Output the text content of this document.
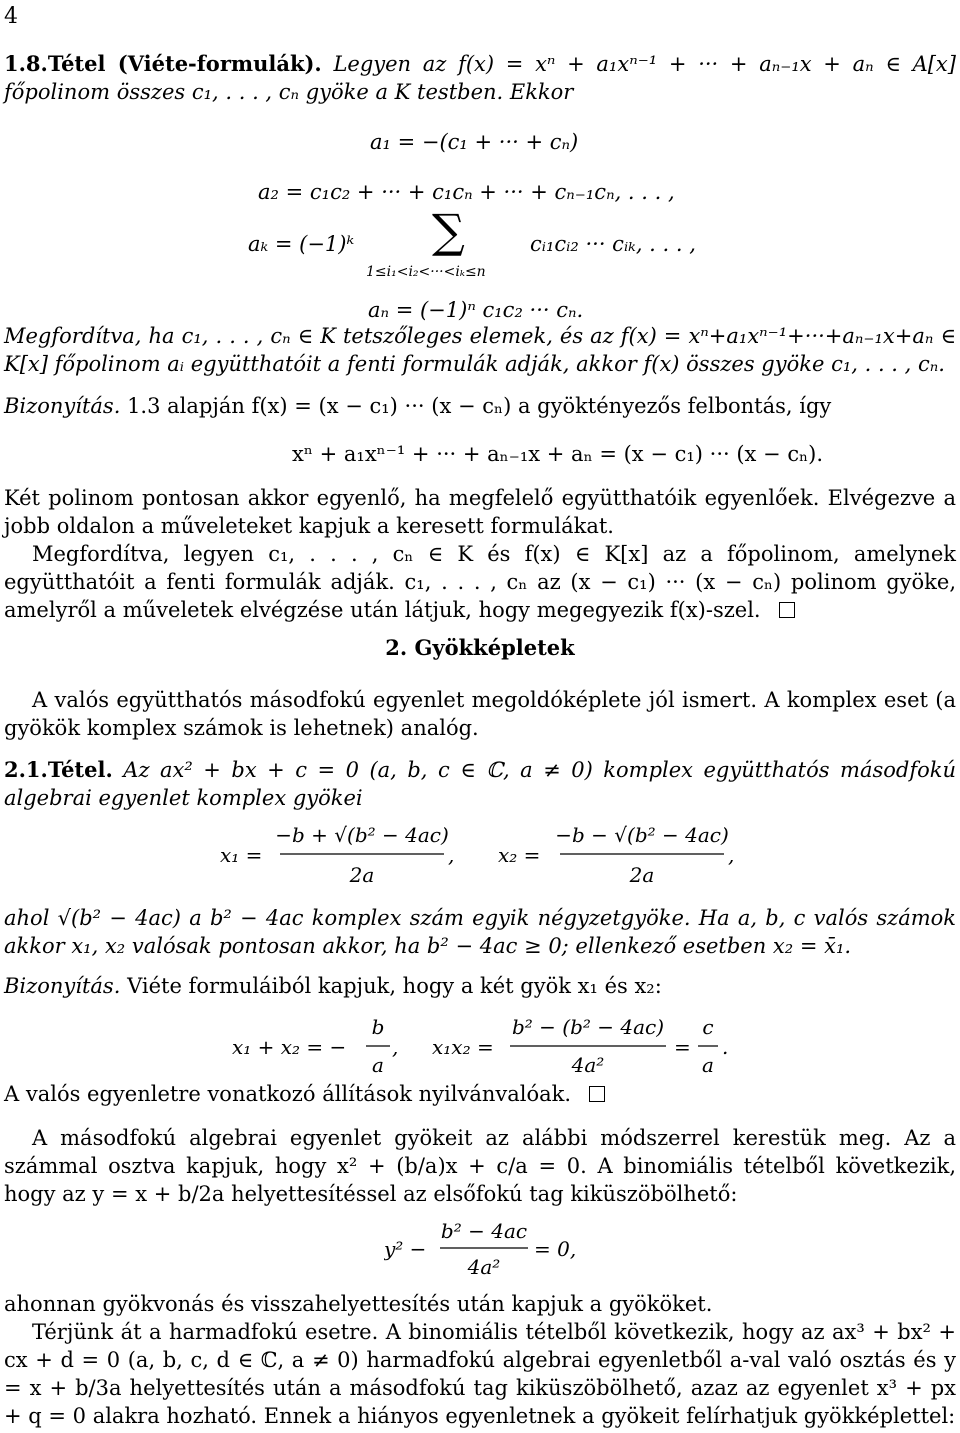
4
1.8.Tétel (Viéte-formulák). Legyen az f(x) = xⁿ + a₁xⁿ⁻¹ + ··· + aₙ₋₁x + aₙ ∈ A[x] főpolinom összes c₁, . . . , cₙ gyöke a K testben. Ekkor
a₁ = −(c₁ + ··· + cₙ)
a₂ = c₁c₂ + ··· + c₁cₙ + ··· + cₙ₋₁cₙ, . . . ,
aₖ = (−1)ᵏ ∑
1≤i₁<i₂<···<iₖ≤n
cᵢ₁cᵢ₂ ··· cᵢₖ, . . . ,
aₙ = (−1)ⁿ c₁c₂ ··· cₙ.
Megfordítva, ha c₁, . . . , cₙ ∈ K tetszőleges elemek, és az f(x) = xⁿ+a₁xⁿ⁻¹+···+aₙ₋₁x+aₙ ∈ K[x] főpolinom aᵢ együtthatóit a fenti formulák adják, akkor f(x) összes gyöke c₁, . . . , cₙ.
Bizonyítás. 1.3 alapján f(x) = (x − c₁) ··· (x − cₙ) a gyöktényezős felbontás, így
xⁿ + a₁xⁿ⁻¹ + ··· + aₙ₋₁x + aₙ = (x − c₁) ··· (x − cₙ).
Két polinom pontosan akkor egyenlő, ha megfelelő együtthatóik egyenlőek. Elvégezve a jobb oldalon a műveleteket kapjuk a keresett formulákat.
Megfordítva, legyen c₁, . . . , cₙ ∈ K és f(x) ∈ K[x] az a főpolinom, amelynek együtthatóit a fenti formulák adják. c₁, . . . , cₙ az (x − c₁) ··· (x − cₙ) polinom gyöke, amelyről a műveletek elvégzése után látjuk, hogy megegyezik f(x)-szel.
2. Gyökképletek
A valós együtthatós másodfokú egyenlet megoldóképlete jól ismert. A komplex eset (a gyökök komplex számok is lehetnek) analóg.
2.1.Tétel. Az ax² + bx + c = 0 (a, b, c ∈ ℂ, a ≠ 0) komplex együtthatós másodfokú algebrai egyenlet komplex gyökei
x₁ =
−b + √(b² − 4ac)
2a
, x₂ =
−b − √(b² − 4ac)
2a
,
ahol √(b² − 4ac) a b² − 4ac komplex szám egyik négyzetgyöke. Ha a, b, c valós számok akkor x₁, x₂ valósak pontosan akkor, ha b² − 4ac ≥ 0; ellenkező esetben x₂ = x̄₁.
Bizonyítás. Viéte formuláiból kapjuk, hogy a két gyök x₁ és x₂:
x₁ + x₂ = −
b
a
, x₁x₂ =
b² − (b² − 4ac)
4a²
=
c
a
.
A valós egyenletre vonatkozó állítások nyilvánvalóak.
A másodfokú algebrai egyenlet gyökeit az alábbi módszerrel kerestük meg. Az a számmal osztva kapjuk, hogy x² + (b/a)x + c/a = 0. A binomiális tételből következik, hogy az y = x + b/2a helyettesítéssel az elsőfokú tag kiküszöbölhető:
y² −
b² − 4ac
4a²
= 0,
ahonnan gyökvonás és visszahelyettesítés után kapjuk a gyököket.
Térjünk át a harmadfokú esetre. A binomiális tételből következik, hogy az ax³ + bx² + cx + d = 0 (a, b, c, d ∈ ℂ, a ≠ 0) harmadfokú algebrai egyenletből a-val való osztás és y = x + b/3a helyettesítés után a másodfokú tag kiküszöbölhető, azaz az egyenlet x³ + px + q = 0 alakra hozható. Ennek a hiányos egyenletnek a gyökeit felírhatjuk gyökképlettel:
